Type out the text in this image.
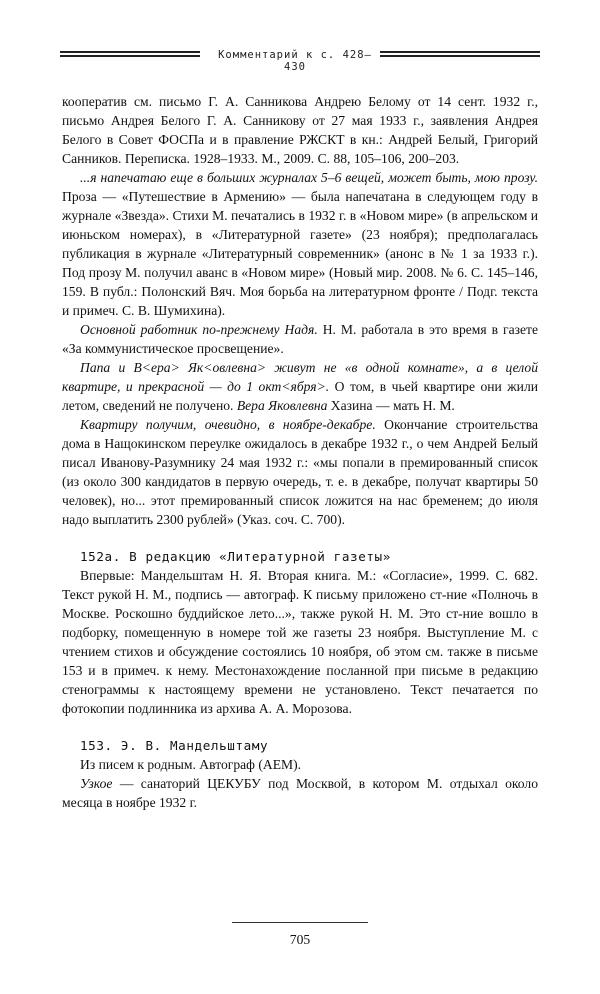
Комментарий к с. 428–430

кооператив см. письмо Г. А. Санникова Андрею Белому от 14 сент. 1932 г., письмо Андрея Белого Г. А. Санникову от 27 мая 1933 г., заявления Андрея Белого в Совет ФОСПа и в правление РЖСКТ в кн.: Андрей Белый, Григорий Санников. Переписка. 1928–1933. М., 2009. С. 88, 105–106, 200–203.

...я напечатаю еще в больших журналах 5–6 вещей, может быть, мою прозу. Проза — «Путешествие в Армению» — была напечатана в следующем году в журнале «Звезда». Стихи М. печатались в 1932 г. в «Новом мире» (в апрельском и июньском номерах), в «Литературной газете» (23 ноября); предполагалась публикация в журнале «Литературный современник» (анонс в № 1 за 1933 г.). Под прозу М. получил аванс в «Новом мире» (Новый мир. 2008. № 6. С. 145–146, 159. В публ.: Полонский Вяч. Моя борьба на литературном фронте / Подг. текста и примеч. С. В. Шумихина).

Основной работник по-прежнему Надя. Н. М. работала в это время в газете «За коммунистическое просвещение».

Папа и В<ера> Як<овлевна> живут не «в одной комнате», а в целой квартире, и прекрасной — до 1 окт<ября>. О том, в чьей квартире они жили летом, сведений не получено. Вера Яковлевна Хазина — мать Н. М.

Квартиру получим, очевидно, в ноябре-декабре. Окончание строительства дома в Нащокинском переулке ожидалось в декабре 1932 г., о чем Андрей Белый писал Иванову-Разумнику 24 мая 1932 г.: «мы попали в премированный список (из около 300 кандидатов в первую очередь, т. е. в декабре, получат квартиры 50 человек), но... этот премированный список ложится на нас бременем; до июля надо выплатить 2300 рублей» (Указ. соч. С. 700).

152а. В редакцию «Литературной газеты»

Впервые: Мандельштам Н. Я. Вторая книга. М.: «Согласие», 1999. С. 682. Текст рукой Н. М., подпись — автограф. К письму приложено ст-ние «Полночь в Москве. Роскошно буддийское лето...», также рукой Н. М. Это ст-ние вошло в подборку, помещенную в номере той же газеты 23 ноября. Выступление М. с чтением стихов и обсуждение состоялись 10 ноября, об этом см. также в письме 153 и в примеч. к нему. Местонахождение посланной при письме в редакцию стенограммы к настоящему времени не установлено. Текст печатается по фотокопии подлинника из архива А. А. Морозова.

153. Э. В. Мандельштаму

Из писем к родным. Автограф (АЕМ).

Узкое — санаторий ЦЕКУБУ под Москвой, в котором М. отдыхал около месяца в ноябре 1932 г.

705
